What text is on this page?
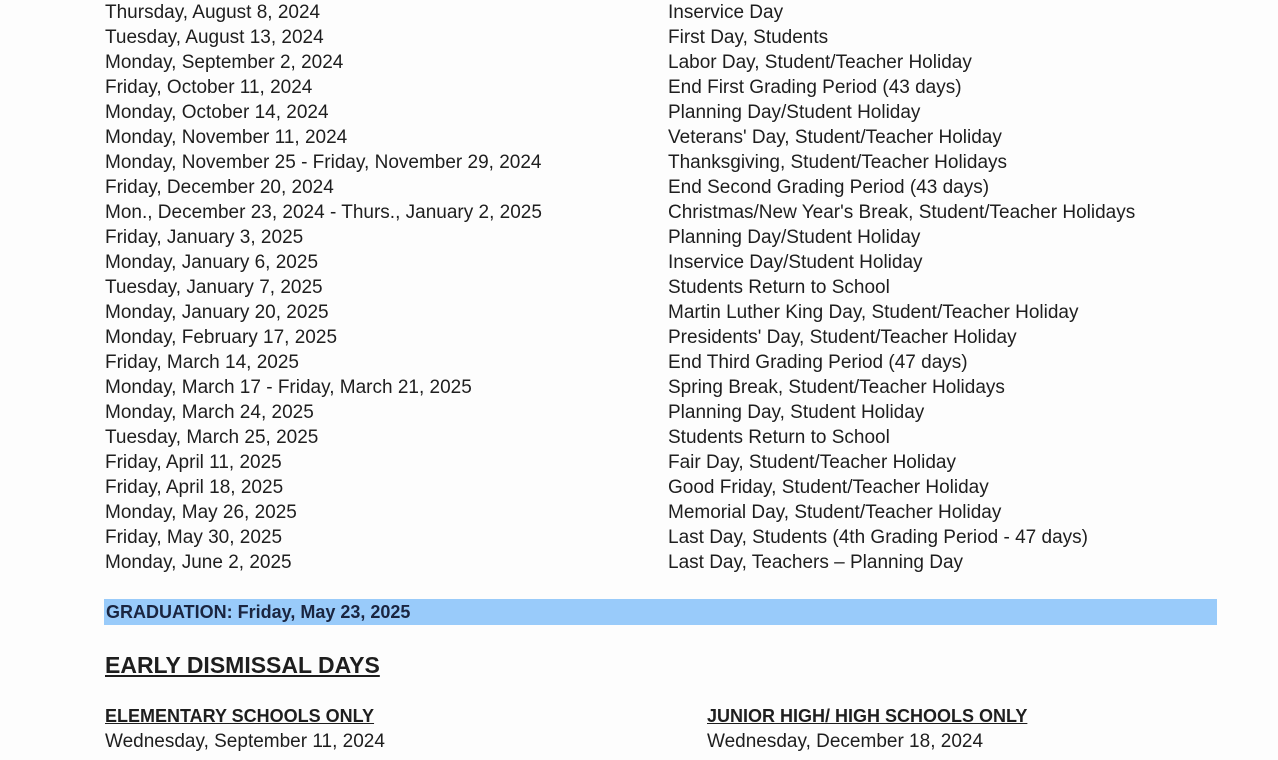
Thursday, August 8, 2024	Inservice Day
Tuesday, August 13, 2024	First Day, Students
Monday, September 2, 2024	Labor Day, Student/Teacher Holiday
Friday, October 11, 2024	End First Grading Period (43 days)
Monday, October 14, 2024	Planning Day/Student Holiday
Monday, November 11, 2024	Veterans' Day, Student/Teacher Holiday
Monday, November 25 - Friday, November 29, 2024	Thanksgiving, Student/Teacher Holidays
Friday, December 20, 2024	End Second Grading Period (43 days)
Mon., December 23, 2024 - Thurs., January 2, 2025	Christmas/New Year's Break, Student/Teacher Holidays
Friday, January 3, 2025	Planning Day/Student Holiday
Monday, January 6, 2025	Inservice Day/Student Holiday
Tuesday, January 7, 2025	Students Return to School
Monday, January 20, 2025	Martin Luther King Day, Student/Teacher Holiday
Monday, February 17, 2025	Presidents' Day, Student/Teacher Holiday
Friday, March 14, 2025	End Third Grading Period (47 days)
Monday, March 17 - Friday, March 21, 2025	Spring Break, Student/Teacher Holidays
Monday, March 24, 2025	Planning Day, Student Holiday
Tuesday, March 25, 2025	Students Return to School
Friday, April 11, 2025	Fair Day, Student/Teacher Holiday
Friday, April 18, 2025	Good Friday, Student/Teacher Holiday
Monday, May 26, 2025	Memorial Day, Student/Teacher Holiday
Friday, May 30, 2025	Last Day, Students (4th Grading Period - 47 days)
Monday, June 2, 2025	Last Day, Teachers – Planning Day
GRADUATION: Friday, May 23, 2025
EARLY DISMISSAL DAYS
ELEMENTARY SCHOOLS ONLY
Wednesday, September 11, 2024
JUNIOR HIGH/ HIGH SCHOOLS ONLY
Wednesday, December 18, 2024
